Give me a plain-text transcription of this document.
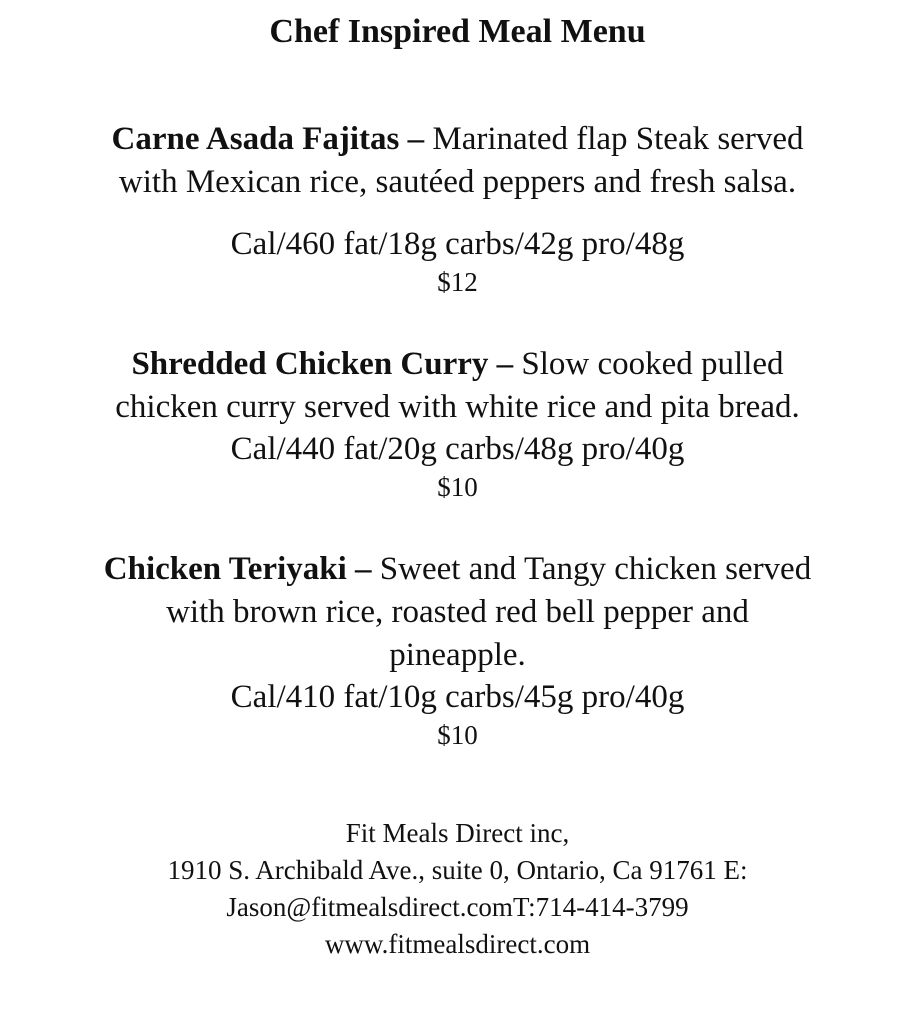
Chef Inspired Meal Menu
Carne Asada Fajitas – Marinated flap Steak served with Mexican rice, sautéed peppers and fresh salsa.
Cal/460 fat/18g carbs/42g pro/48g
$12
Shredded Chicken Curry – Slow cooked pulled chicken curry served with white rice and pita bread.
Cal/440 fat/20g carbs/48g pro/40g
$10
Chicken Teriyaki – Sweet and Tangy chicken served with brown rice, roasted red bell pepper and pineapple.
Cal/410 fat/10g carbs/45g pro/40g
$10
Fit Meals Direct inc,
1910 S. Archibald Ave., suite 0, Ontario, Ca 91761 E:
Jason@fitmealsdirect.comT:714-414-3799
www.fitmealsdirect.com
